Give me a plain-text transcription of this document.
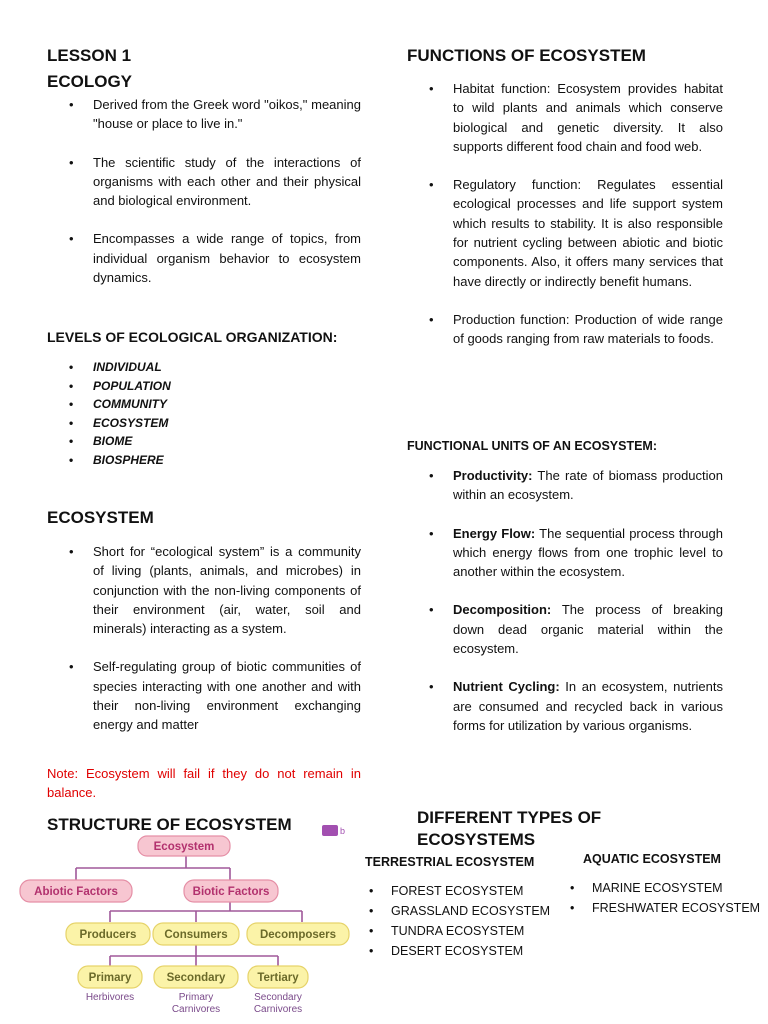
LESSON 1
ECOLOGY
• Derived from the Greek word "oikos," meaning "house or place to live in."
• The scientific study of the interactions of organisms with each other and their physical and biological environment.
• Encompasses a wide range of topics, from individual organism behavior to ecosystem dynamics.
LEVELS OF ECOLOGICAL ORGANIZATION:
• INDIVIDUAL
• POPULATION
• COMMUNITY
• ECOSYSTEM
• BIOME
• BIOSPHERE
ECOSYSTEM
• Short for “ecological system” is a community of living (plants, animals, and microbes) in conjunction with the non-living components of their environment (air, water, soil and minerals) interacting as a system.
• Self-regulating group of biotic communities of species interacting with one another and with their non-living environment exchanging energy and matter

Note: Ecosystem will fail if they do not remain in balance.

STRUCTURE OF ECOSYSTEM	b
Ecosystem
Abiotic Factors	Biotic Factors
Producers Consumers	Decomposers
Primary	Secondary	Tertiary
Herbivores	Primary
Carnivores
Secondary
Carnivores
FUNCTIONS OF ECOSYSTEM
• Habitat function: Ecosystem provides habitat to wild plants and animals which conserve biological and genetic diversity. It also supports different food chain and food web.
• Regulatory function: Regulates essential ecological processes and life support system which results to stability. It is also responsible for nutrient cycling between abiotic and biotic components. Also, it offers many services that have directly or indirectly benefit humans.
• Production function: Production of wide range of goods ranging from raw materials to foods.
FUNCTIONAL UNITS OF AN ECOSYSTEM:
• Productivity: The rate of biomass production within an ecosystem.
• Energy Flow: The sequential process through which energy flows from one trophic level to another within the ecosystem.
• Decomposition: The process of breaking down dead organic material within the ecosystem.
• Nutrient Cycling: In an ecosystem, nutrients are consumed and recycled back in various forms for utilization by various organisms.
DIFFERENT TYPES OF ECOSYSTEMS
TERRESTRIAL ECOSYSTEM
• FOREST ECOSYSTEM
• GRASSLAND ECOSYSTEM
• TUNDRA ECOSYSTEM
• DESERT ECOSYSTEM
AQUATIC ECOSYSTEM
• MARINE ECOSYSTEM
• FRESHWATER ECOSYSTEM
